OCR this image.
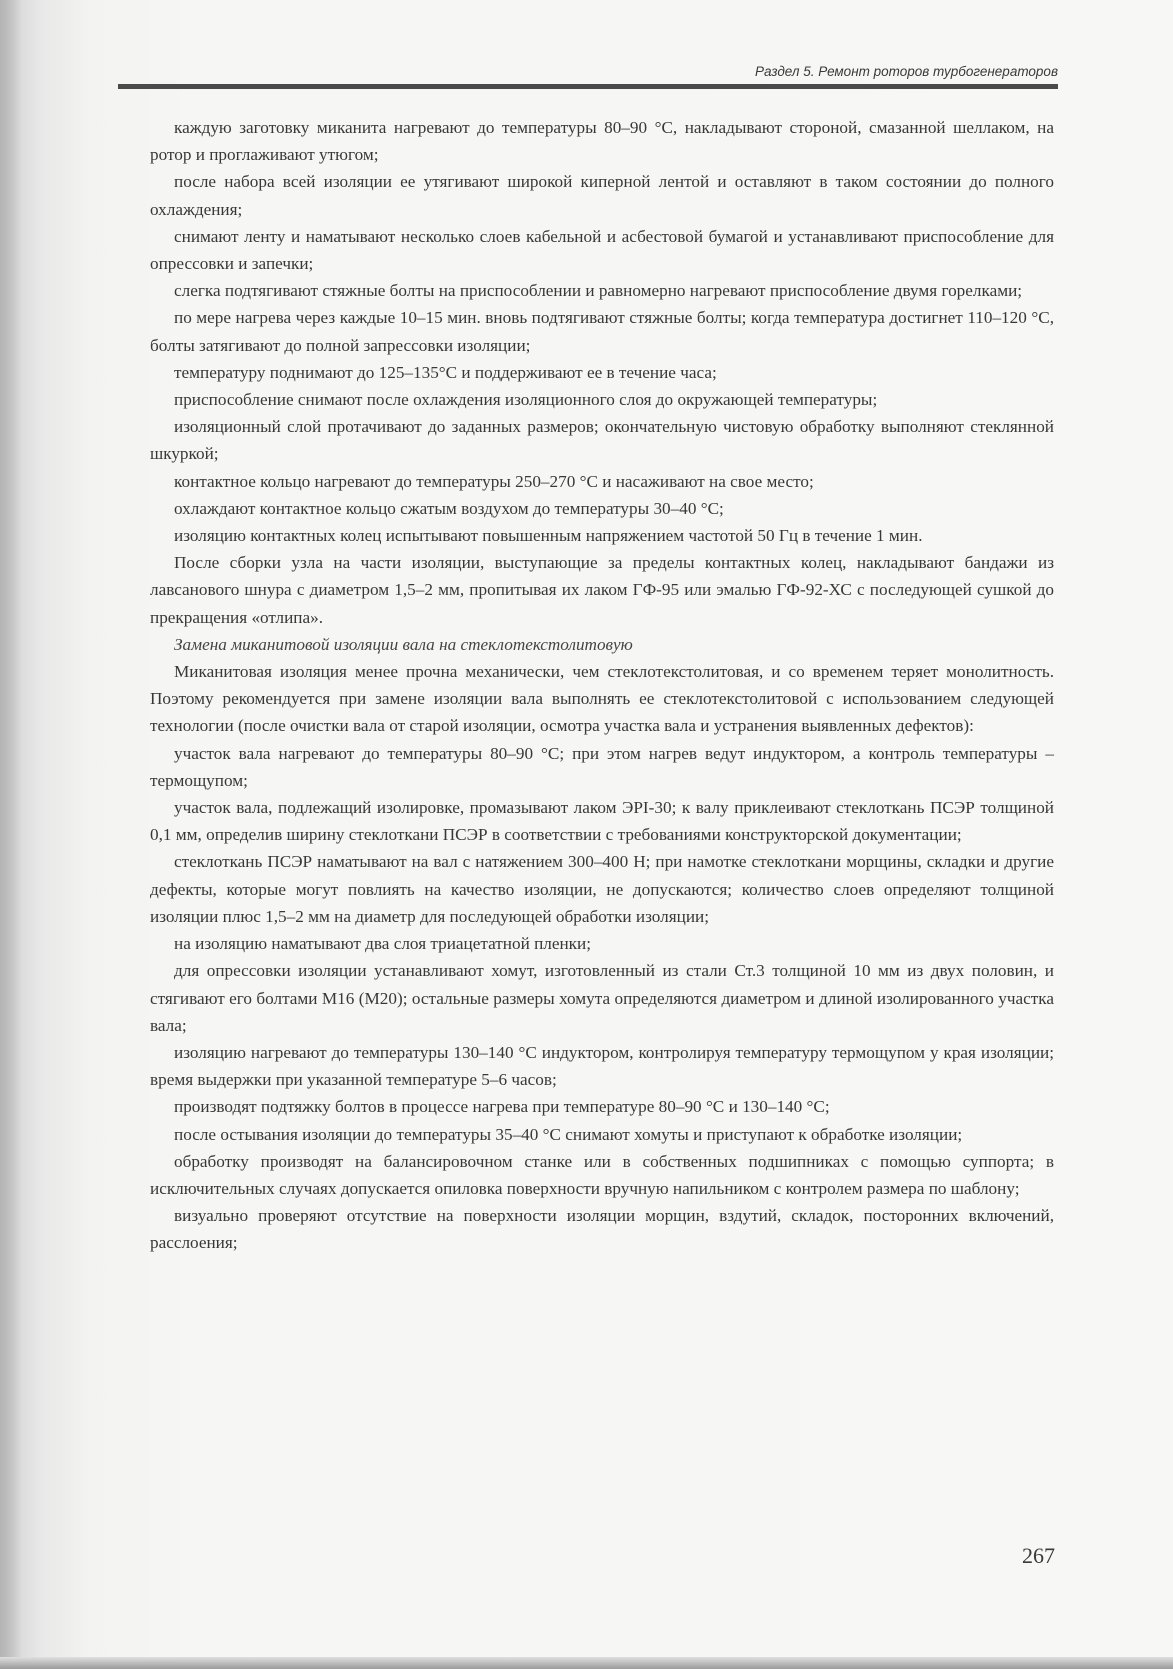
Раздел 5. Ремонт роторов турбогенераторов

каждую заготовку миканита нагревают до температуры 80–90 °С, накладывают стороной, смазанной шеллаком, на ротор и проглаживают утюгом;

после набора всей изоляции ее утягивают широкой киперной лентой и оставляют в таком состоянии до полного охлаждения;

снимают ленту и наматывают несколько слоев кабельной и асбестовой бумагой и устанавливают приспособление для опрессовки и запечки;

слегка подтягивают стяжные болты на приспособлении и равномерно нагревают приспособление двумя горелками;

по мере нагрева через каждые 10–15 мин. вновь подтягивают стяжные болты; когда температура достигнет 110–120 °С, болты затягивают до полной запрессовки изоляции;

температуру поднимают до 125–135°С и поддерживают ее в течение часа;

приспособление снимают после охлаждения изоляционного слоя до окружающей температуры;

изоляционный слой протачивают до заданных размеров; окончательную чистовую обработку выполняют стеклянной шкуркой;

контактное кольцо нагревают до температуры 250–270 °С и насаживают на свое место;

охлаждают контактное кольцо сжатым воздухом до температуры 30–40 °С;

изоляцию контактных колец испытывают повышенным напряжением частотой 50 Гц в течение 1 мин.

После сборки узла на части изоляции, выступающие за пределы контактных колец, накладывают бандажи из лавсанового шнура с диаметром 1,5–2 мм, пропитывая их лаком ГФ-95 или эмалью ГФ-92-ХС с последующей сушкой до прекращения «отлипа».

Замена миканитовой изоляции вала на стеклотекстолитовую

Миканитовая изоляция менее прочна механически, чем стеклотекстолитовая, и со временем теряет монолитность. Поэтому рекомендуется при замене изоляции вала выполнять ее стеклотекстолитовой с использованием следующей технологии (после очистки вала от старой изоляции, осмотра участка вала и устранения выявленных дефектов):

участок вала нагревают до температуры 80–90 °С; при этом нагрев ведут индуктором, а контроль температуры – термощупом;

участок вала, подлежащий изолировке, промазывают лаком ЭРІ-30; к валу приклеивают стеклоткань ПСЭР толщиной 0,1 мм, определив ширину стеклоткани ПСЭР в соответствии с требованиями конструкторской документации;

стеклоткань ПСЭР наматывают на вал с натяжением 300–400 Н; при намотке стеклоткани морщины, складки и другие дефекты, которые могут повлиять на качество изоляции, не допускаются; количество слоев определяют толщиной изоляции плюс 1,5–2 мм на диаметр для последующей обработки изоляции;

на изоляцию наматывают два слоя триацетатной пленки;

для опрессовки изоляции устанавливают хомут, изготовленный из стали Ст.3 толщиной 10 мм из двух половин, и стягивают его болтами М16 (М20); остальные размеры хомута определяются диаметром и длиной изолированного участка вала;

изоляцию нагревают до температуры 130–140 °С индуктором, контролируя температуру термощупом у края изоляции; время выдержки при указанной температуре 5–6 часов;

производят подтяжку болтов в процессе нагрева при температуре 80–90 °С и 130–140 °С;

после остывания изоляции до температуры 35–40 °С снимают хомуты и приступают к обработке изоляции;

обработку производят на балансировочном станке или в собственных подшипниках с помощью суппорта; в исключительных случаях допускается опиловка поверхности вручную напильником с контролем размера по шаблону;

визуально проверяют отсутствие на поверхности изоляции морщин, вздутий, складок, посторонних включений, расслоения;

267
